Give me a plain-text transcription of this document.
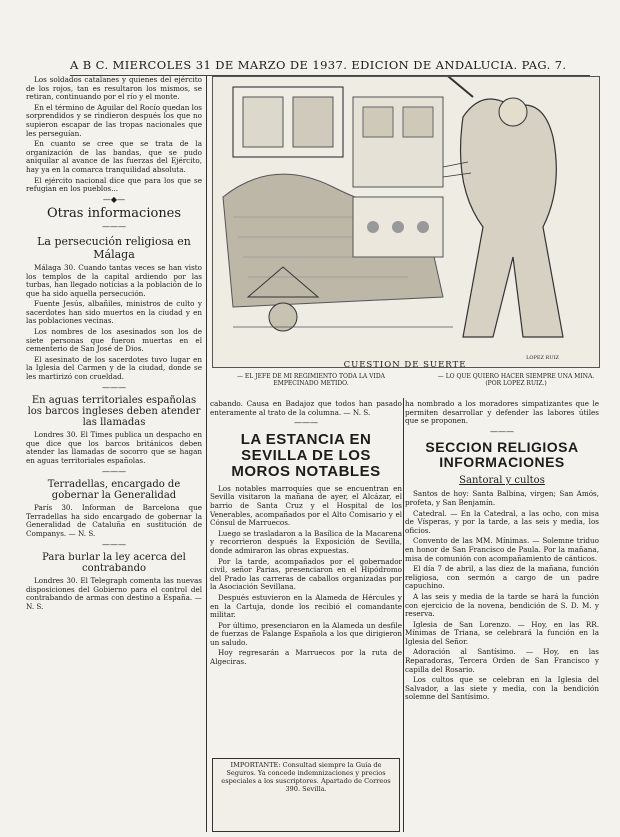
A B C. MIERCOLES 31 DE MARZO DE 1937. EDICION DE ANDALUCIA. PAG. 7.

Los soldados catalanes y quienes del ejército de los rojos, tan es resultaron los mismos, se retiran, continuando por el río y el monte.

En el término de Aguilar del Rocío quedan los sorprendidos y se rindieron después los que no supieron escapar de las tropas nacionales que les perseguían.

En cuanto se cree que se trata de la organización de las bandas, que se pudo aniquilar al avance de las fuerzas del Ejército, hay ya en la comarca tranquilidad absoluta.

El ejército nacional dice que para los que se refugian en los pueblos...

—◆—
Otras informaciones
———
La persecución religiosa en Málaga

Málaga 30. Cuando tantas veces se han visto los templos de la capital ardiendo por las turbas, han llegado noticias a la población de lo que ha sido aquella persecución.

Fuente Jesús, albañiles, ministros de culto y sacerdotes han sido muertos en la ciudad y en las poblaciones vecinas.

Los nombres de los asesinados son los de siete personas que fueron muertas en el cementerio de San José de Dios.

El asesinato de los sacerdotes tuvo lugar en la Iglesia del Carmen y de la ciudad, donde se les martirizó con crueldad.

———
En aguas territoriales españolas los barcos ingleses deben atender las llamadas

Londres 30. El Times publica un despacho en que dice que los barcos británicos deben atender las llamadas de socorro que se hagan en aguas territoriales españolas.

———
Terradellas, encargado de gobernar la Generalidad

París 30. Informan de Barcelona que Terradellas ha sido encargado de gobernar la Generalidad de Cataluña en sustitución de Companys. — N. S.

———
Para burlar la ley acerca del contrabando

Londres 30. El Telegraph comenta las nuevas disposiciones del Gobierno para el control del contrabando de armas con destino a España. — N. S.

LOPEZ RUIZ
CUESTION DE SUERTE
— EL JEFE DE MI REGIMIENTO TODA LA VIDA EMPECINADO METIDO.
— LO QUE QUIERO HACER SIEMPRE UNA MINA. (POR LOPEZ RUIZ.)

cabando. Causa en Badajoz que todos han pasado enteramente al trato de la columna. — N. S.

———
LA ESTANCIA EN SEVILLA DE LOS MOROS NOTABLES

Los notables marroquíes que se encuentran en Sevilla visitaron la mañana de ayer, el Alcázar, el barrio de Santa Cruz y el Hospital de los Venerables, acompañados por el Alto Comisario y el Cónsul de Marruecos.

Luego se trasladaron a la Basílica de la Macarena y recorrieron después la Exposición de Sevilla, donde admiraron las obras expuestas.

Por la tarde, acompañados por el gobernador civil, señor Parias, presenciaron en el Hipódromo del Prado las carreras de caballos organizadas por la Asociación Sevillana.

Después estuvieron en la Alameda de Hércules y en la Cartuja, donde los recibió el comandante militar.

Por último, presenciaron en la Alameda un desfile de fuerzas de Falange Española a los que dirigieron un saludo.

Hoy regresarán a Marruecos por la ruta de Algeciras.

IMPORTANTE: Consultad siempre la Guía de Seguros. Ya concede indemnizaciones y precios especiales a los suscriptores. Apartado de Correos 390. Sevilla.

ha nombrado a los moradores simpatizantes que le permiten desarrollar y defender las labores útiles que se proponen.

———
SECCION RELIGIOSA INFORMACIONES
Santoral y cultos

Santos de hoy: Santa Balbina, virgen; San Amós, profeta, y San Benjamín.

Catedral. — En la Catedral, a las ocho, con misa de Vísperas, y por la tarde, a las seis y media, los oficios.

Convento de las MM. Mínimas. — Solemne triduo en honor de San Francisco de Paula. Por la mañana, misa de comunión con acompañamiento de cánticos.

El día 7 de abril, a las diez de la mañana, función religiosa, con sermón a cargo de un padre capuchino.

A las seis y media de la tarde se hará la función con ejercicio de la novena, bendición de S. D. M. y reserva.

Iglesia de San Lorenzo. — Hoy, en las RR. Mínimas de Triana, se celebrará la función en la Iglesia del Señor.

Adoración al Santísimo. — Hoy, en las Reparadoras, Tercera Orden de San Francisco y capilla del Rosario.

Los cultos que se celebran en la Iglesia del Salvador, a las siete y media, con la bendición solemne del Santísimo.
